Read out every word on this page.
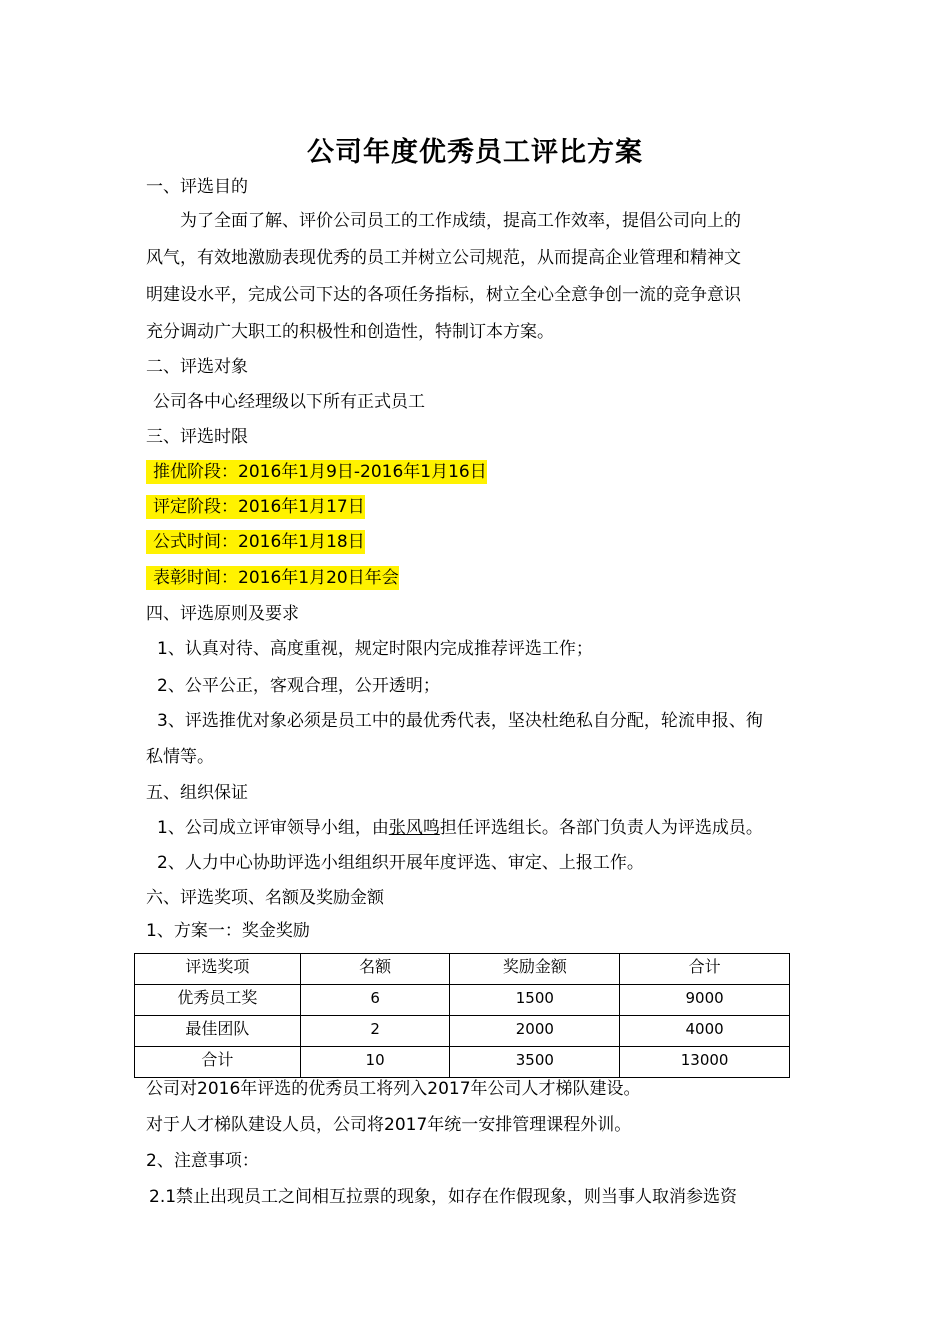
公司年度优秀员工评比方案
一、评选目的
为了全面了解、评价公司员工的工作成绩，提高工作效率，提倡公司向上的
风气，有效地激励表现优秀的员工并树立公司规范，从而提高企业管理和精神文
明建设水平，完成公司下达的各项任务指标，树立全心全意争创一流的竞争意识
充分调动广大职工的积极性和创造性，特制订本方案。
二、评选对象
公司各中心经理级以下所有正式员工
三、评选时限
推优阶段：2016年1月9日-2016年1月16日
评定阶段：2016年1月17日
公式时间：2016年1月18日
表彰时间：2016年1月20日年会
四、评选原则及要求
1、认真对待、高度重视，规定时限内完成推荐评选工作；
2、公平公正，客观合理，公开透明；
3、评选推优对象必须是员工中的最优秀代表，坚决杜绝私自分配，轮流申报、徇
私情等。
五、组织保证
1、公司成立评审领导小组，由张风鸣担任评选组长。各部门负责人为评选成员。
2、人力中心协助评选小组组织开展年度评选、审定、上报工作。
六、评选奖项、名额及奖励金额
1、方案一：奖金奖励
评选奖项	名额	奖励金额	合计
优秀员工奖	6	1500	9000
最佳团队	2	2000	4000
合计	10	3500	13000
公司对2016年评选的优秀员工将列入2017年公司人才梯队建设。
对于人才梯队建设人员，公司将2017年统一安排管理课程外训。
2、注意事项：
2.1禁止出现员工之间相互拉票的现象，如存在作假现象，则当事人取消参选资
